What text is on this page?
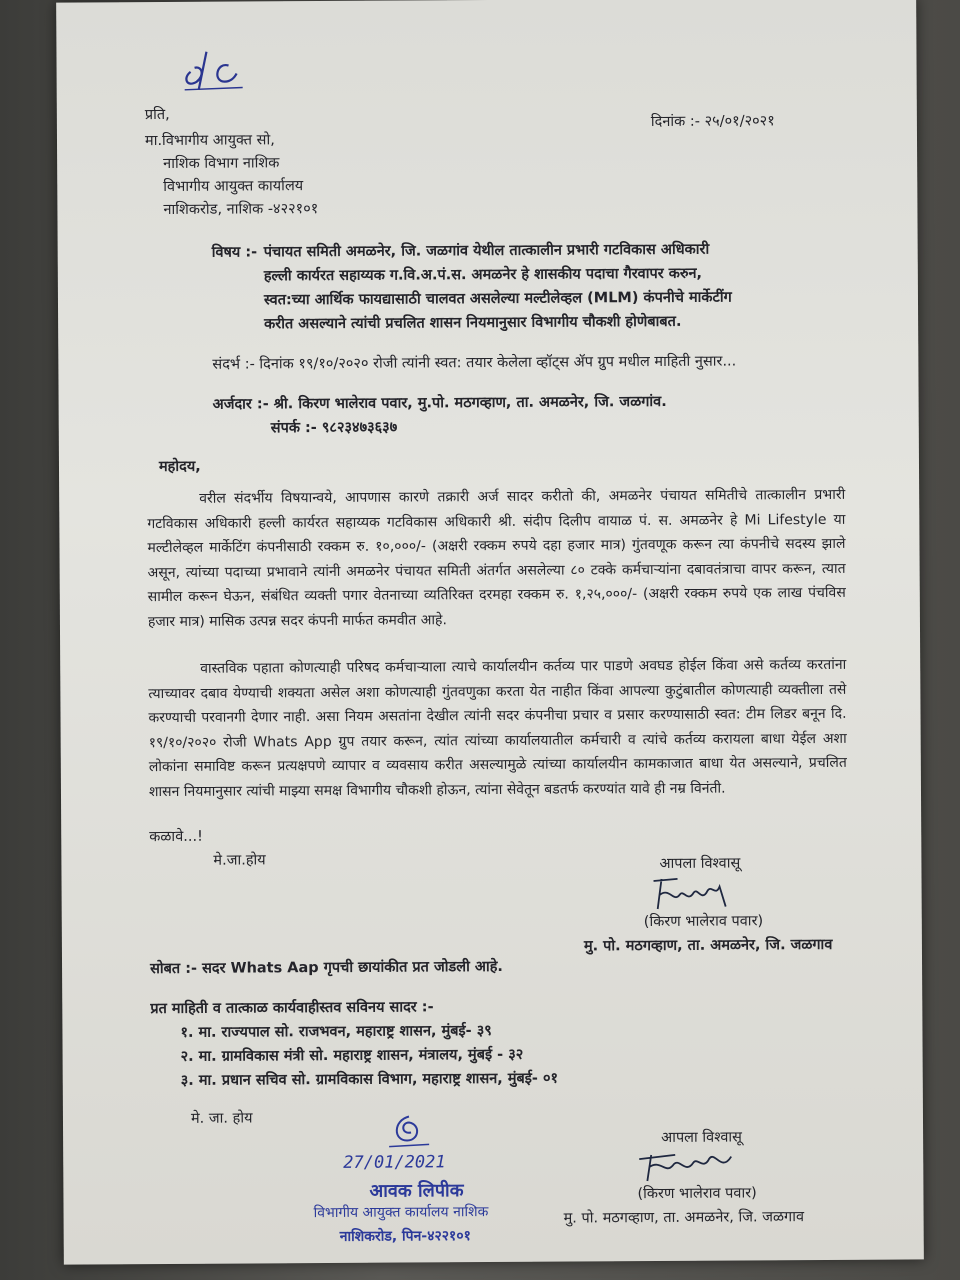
प्रति,
मा.विभागीय आयुक्त सो,
नाशिक विभाग नाशिक
विभागीय आयुक्त कार्यालय
नाशिकरोड, नाशिक -४२२१०१
दिनांक :- २५/०१/२०२१
विषय :- पंचायत समिती अमळनेर, जि. जळगांव येथील तात्कालीन प्रभारी गटविकास अधिकारी
हल्ली कार्यरत सहाय्यक ग.वि.अ.पं.स. अमळनेर हे शासकीय पदाचा गैरवापर करुन,
स्वत:च्या आर्थिक फायद्यासाठी चालवत असलेल्या मल्टीलेव्हल (MLM) कंपनीचे मार्केटींग
करीत असल्याने त्यांची प्रचलित शासन नियमानुसार विभागीय चौकशी होणेबाबत.
संदर्भ :- दिनांक १९/१०/२०२० रोजी त्यांनी स्वत: तयार केलेला व्हॉट्स ॲप ग्रुप मधील माहिती नुसार...
अर्जदार :- श्री. किरण भालेराव पवार, मु.पो. मठगव्हाण, ता. अमळनेर, जि. जळगांव.
संपर्क :- ९८२३४७३६३७
महोदय,
वरील संदर्भीय विषयान्वये, आपणास कारणे तक्रारी अर्ज सादर करीतो की, अमळनेर पंचायत समितीचे तात्कालीन प्रभारी गटविकास अधिकारी हल्ली कार्यरत सहाय्यक गटविकास अधिकारी श्री. संदीप दिलीप वायाळ पं. स. अमळनेर हे Mi Lifestyle या मल्टीलेव्हल मार्केटिंग कंपनीसाठी रक्कम रु. १०,०००/- (अक्षरी रक्कम रुपये दहा हजार मात्र) गुंतवणूक करून त्या कंपनीचे सदस्य झाले असून, त्यांच्या पदाच्या प्रभावाने त्यांनी अमळनेर पंचायत समिती अंतर्गत असलेल्या ८० टक्के कर्मचाऱ्यांना दबावतंत्राचा वापर करून, त्यात सामील करून घेऊन, संबंधित व्यक्ती पगार वेतनाच्या व्यतिरिक्त दरमहा रक्कम रु. १,२५,०००/- (अक्षरी रक्कम रुपये एक लाख पंचविस हजार मात्र) मासिक उत्पन्न सदर कंपनी मार्फत कमवीत आहे.
वास्तविक पहाता कोणत्याही परिषद कर्मचाऱ्याला त्याचे कार्यालयीन कर्तव्य पार पाडणे अवघड होईल किंवा असे कर्तव्य करतांना त्याच्यावर दबाव येण्याची शक्यता असेल अशा कोणत्याही गुंतवणुका करता येत नाहीत किंवा आपल्या कुटुंबातील कोणत्याही व्यक्तीला तसे करण्याची परवानगी देणार नाही. असा नियम असतांना देखील त्यांनी सदर कंपनीचा प्रचार व प्रसार करण्यासाठी स्वत: टीम लिडर बनून दि. १९/१०/२०२० रोजी Whats App ग्रुप तयार करून, त्यांत त्यांच्या कार्यालयातील कर्मचारी व त्यांचे कर्तव्य करायला बाधा येईल अशा लोकांना समाविष्ट करून प्रत्यक्षपणे व्यापार व व्यवसाय करीत असल्यामुळे त्यांच्या कार्यालयीन कामकाजात बाधा येत असल्याने, प्रचलित शासन नियमानुसार त्यांची माझ्या समक्ष विभागीय चौकशी होऊन, त्यांना सेवेतून बडतर्फ करण्यांत यावे ही नम्र विनंती.
कळावे...!
मे.जा.होय	आपला विश्वासू
(किरण भालेराव पवार)
मु. पो. मठगव्हाण, ता. अमळनेर, जि. जळगाव
सोबत :- सदर Whats Aap गृपची छायांकीत प्रत जोडली आहे.
प्रत माहिती व तात्काळ कार्यवाहीस्तव सविनय सादर :-
१. मा. राज्यपाल सो. राजभवन, महाराष्ट्र शासन, मुंबई- ३९
२. मा. ग्रामविकास मंत्री सो. महाराष्ट्र शासन, मंत्रालय, मुंबई - ३२
३. मा. प्रधान सचिव सो. ग्रामविकास विभाग, महाराष्ट्र शासन, मुंबई- ०१
मे. जा. होय
आपला विश्वासू
(किरण भालेराव पवार)
मु. पो. मठगव्हाण, ता. अमळनेर, जि. जळगाव
27/01/2021
आवक लिपीक
विभागीय आयुक्त कार्यालय नाशिक
नाशिकरोड, पिन-४२२१०१
